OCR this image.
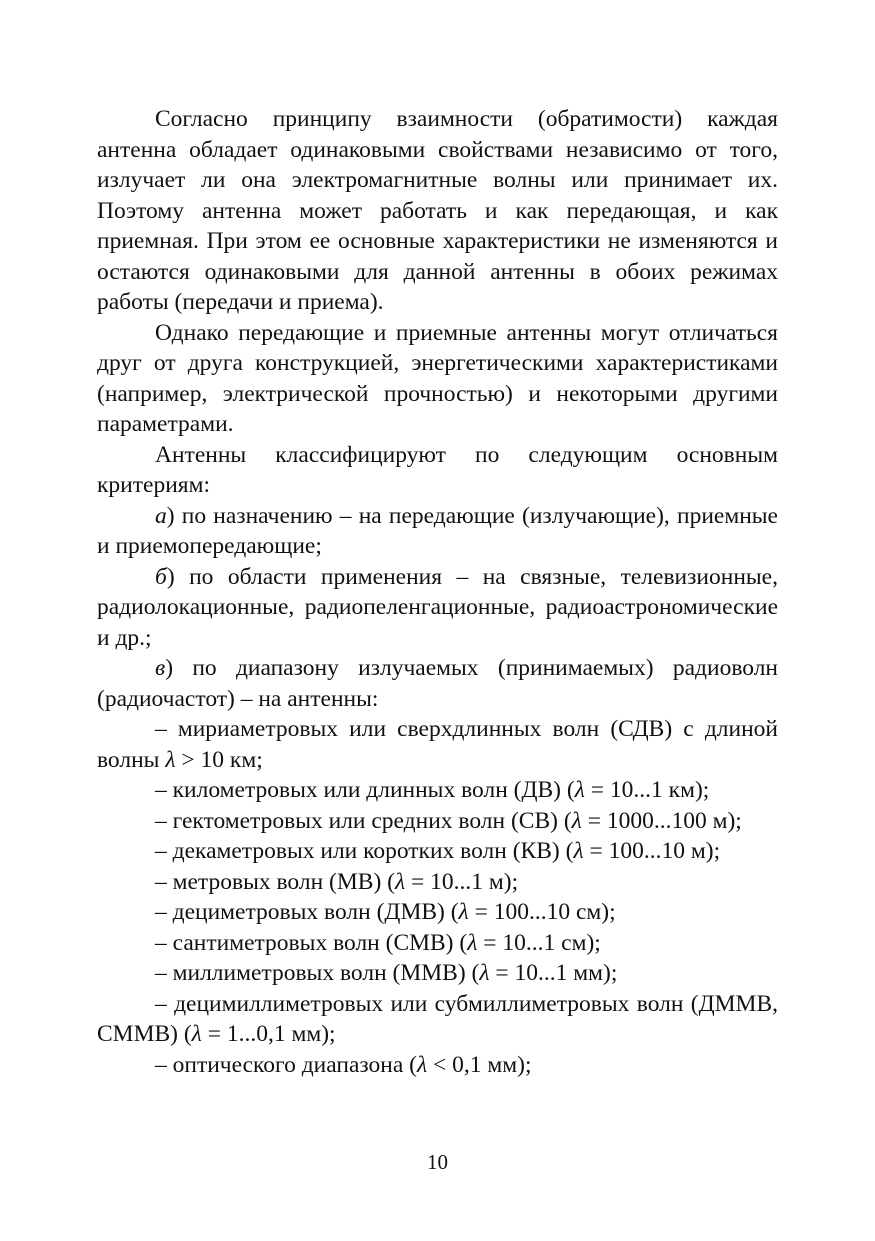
Согласно принципу взаимности (обратимости) каждая антенна обладает одинаковыми свойствами независимо от того, излучает ли она электромагнитные волны или принимает их. Поэтому антенна может работать и как передающая, и как приемная. При этом ее основные характеристики не изменяются и остаются одинаковыми для данной антенны в обоих режимах работы (передачи и приема).

Однако передающие и приемные антенны могут отличаться друг от друга конструкцией, энергетическими характеристиками (например, электрической прочностью) и некоторыми другими параметрами.

Антенны классифицируют по следующим основным критериям:

а) по назначению – на передающие (излучающие), приемные и приемопередающие;

б) по области применения – на связные, телевизионные, радиолокационные, радиопеленгационные, радиоастрономические и др.;

в) по диапазону излучаемых (принимаемых) радиоволн (радиочастот) – на антенны:

– мириаметровых или сверхдлинных волн (СДВ) с длиной волны λ > 10 км;

– километровых или длинных волн (ДВ) (λ = 10...1 км);

– гектометровых или средних волн (СВ) (λ = 1000...100 м);

– декаметровых или коротких волн (КВ) (λ = 100...10 м);

– метровых волн (МВ) (λ = 10...1 м);

– дециметровых волн (ДМВ) (λ = 100...10 см);

– сантиметровых волн (СМВ) (λ = 10...1 см);

– миллиметровых волн (ММВ) (λ = 10...1 мм);

– децимиллиметровых или субмиллиметровых волн (ДММВ, СММВ) (λ = 1...0,1 мм);

– оптического диапазона (λ < 0,1 мм);

10
